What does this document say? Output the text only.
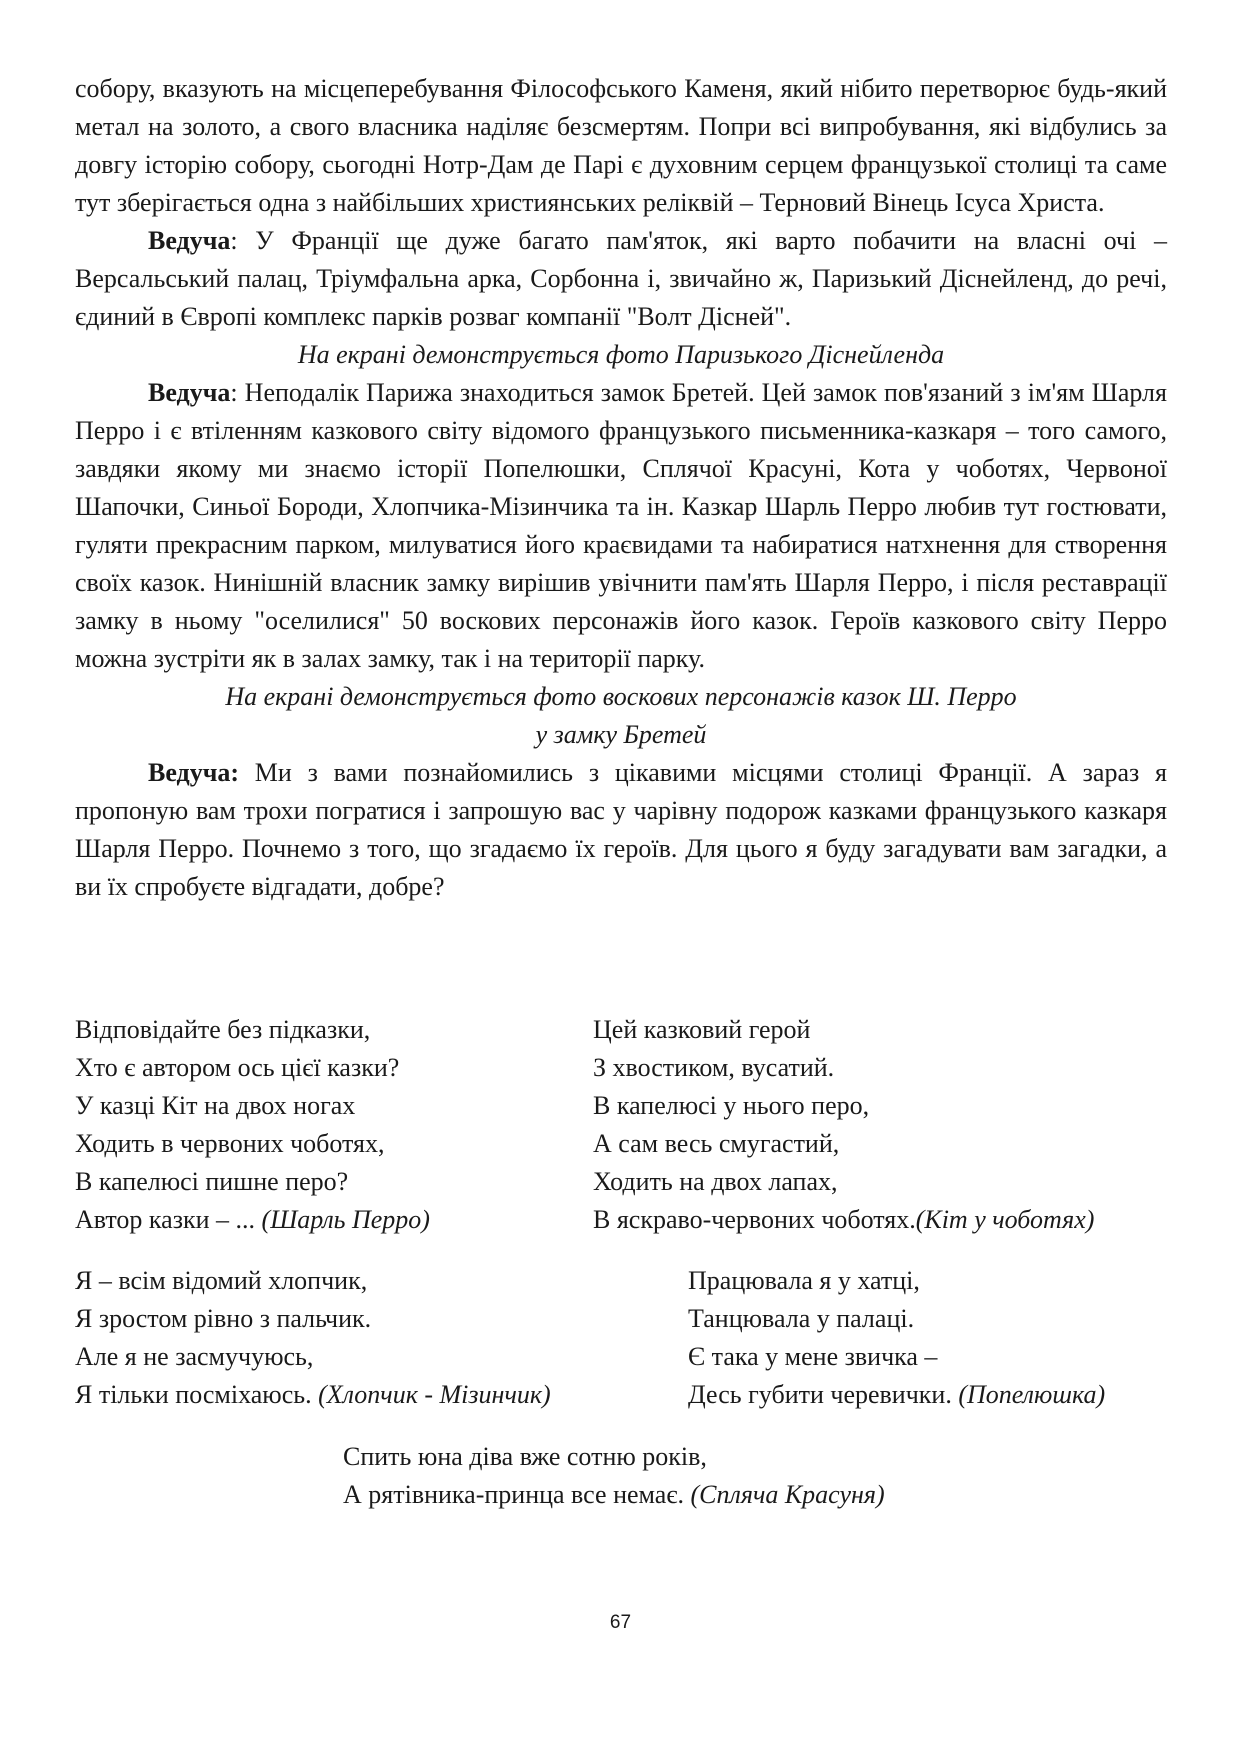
собору, вказують на місцеперебування Філософського Каменя, який нібито перетворює будь-який метал на золото, а свого власника наділяє безсмертям. Попри всі випробування, які відбулись за довгу історію собору, сьогодні Нотр-Дам де Парі є духовним серцем французької столиці та саме тут зберігається одна з найбільших християнських реліквій – Терновий Вінець Ісуса Христа.

Ведуча: У Франції ще дуже багато пам'яток, які варто побачити на власні очі – Версальський палац, Тріумфальна арка, Сорбонна і, звичайно ж, Паризький Діснейленд, до речі, єдиний в Європі комплекс парків розваг компанії "Волт Дісней".

На екрані демонструється фото Паризького Діснейленда

Ведуча: Неподалік Парижа знаходиться замок Бретей. Цей замок пов'язаний з ім'ям Шарля Перро і є втіленням казкового світу відомого французького письменника-казкаря – того самого, завдяки якому ми знаємо історії Попелюшки, Сплячої Красуні, Кота у чоботях, Червоної Шапочки, Синьої Бороди, Хлопчика-Мізинчика та ін. Казкар Шарль Перро любив тут гостювати, гуляти прекрасним парком, милуватися його краєвидами та набиратися натхнення для створення своїх казок. Нинішній власник замку вирішив увічнити пам'ять Шарля Перро, і після реставрації замку в ньому "оселилися" 50 воскових персонажів його казок. Героїв казкового світу Перро можна зустріти як в залах замку, так і на території парку.

На екрані демонструється фото воскових персонажів казок Ш. Перро

у замку Бретей

Ведуча: Ми з вами познайомились з цікавими місцями столиці Франції. А зараз я пропоную вам трохи погратися і запрошую вас у чарівну подорож казками французького казкаря Шарля Перро. Почнемо з того, що згадаємо їх героїв. Для цього я буду загадувати вам загадки, а ви їх спробуєте відгадати, добре?

Відповідайте без підказки,
Хто є автором ось цієї казки?
У казці Кіт на двох ногах
Ходить в червоних чоботях,
В капелюсі пишне перо?
Автор казки – ... (Шарль Перро)
Цей казковий герой
З хвостиком, вусатий.
В капелюсі у нього перо,
А сам весь смугастий,
Ходить на двох лапах,
В яскраво-червоних чоботях.(Кіт у чоботях)
Я – всім відомий хлопчик,
Я зростом рівно з пальчик.
Але я не засмучуюсь,
Я тільки посміхаюсь. (Хлопчик - Мізинчик)
Працювала я у хатці,
Танцювала у палаці.
Є така у мене звичка –
Десь губити черевички. (Попелюшка)
Спить юна діва вже сотню років,
А рятівника-принца все немає. (Спляча Красуня)
67
